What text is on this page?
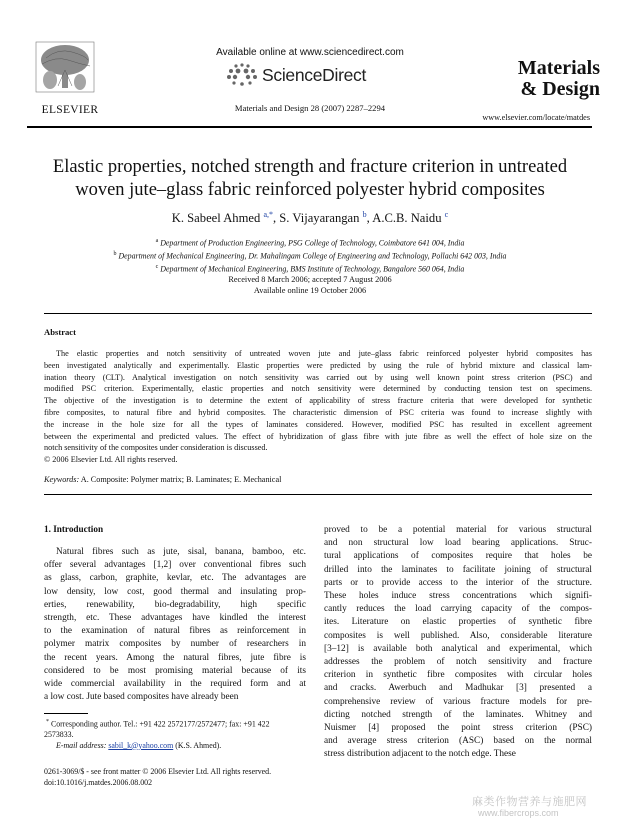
ELSEVIER
Available online at www.sciencedirect.com
ScienceDirect
Materials and Design 28 (2007) 2287–2294
Materials
& Design
www.elsevier.com/locate/matdes
Elastic properties, notched strength and fracture criterion in untreated
woven jute–glass fabric reinforced polyester hybrid composites
K. Sabeel Ahmed $^{a,*}$, S. Vijayarangan $^b$, A.C.B. Naidu $^c$
$^a$ Department of Production Engineering, PSG College of Technology, Coimbatore 641 004, India
$^b$ Department of Mechanical Engineering, Dr. Mahalingam College of Engineering and Technology, Pollachi 642 003, India
$^c$ Department of Mechanical Engineering, BMS Institute of Technology, Bangalore 560 064, India
Received 8 March 2006; accepted 7 August 2006
Available online 19 October 2006
Abstract
The elastic properties and notch sensitivity of untreated woven jute and jute–glass fabric reinforced polyester hybrid composites has
been investigated analytically and experimentally. Elastic properties were predicted by using the rule of hybrid mixture and classical lam-
ination theory (CLT). Analytical investigation on notch sensitivity was carried out by using well known point stress criterion (PSC) and
modified PSC criterion. Experimentally, elastic properties and notch sensitivity were determined by conducting tension test on specimens.
The objective of the investigation is to determine the extent of applicability of stress fracture criteria that were developed for synthetic
fibre composites, to natural fibre and hybrid composites. The characteristic dimension of PSC criteria was found to increase slightly with
the increase in the hole size for all the types of laminates considered. However, modified PSC has resulted in excellent agreement
between the experimental and predicted values. The effect of hybridization of glass fibre with jute fibre as well the effect of hole size on the
notch sensitivity of the composites under consideration is discussed.
© 2006 Elsevier Ltd. All rights reserved.
Keywords: A. Composite: Polymer matrix; B. Laminates; E. Mechanical
1. Introduction
Natural fibres such as jute, sisal, banana, bamboo, etc.
offer several advantages [1,2] over conventional fibres such
as glass, carbon, graphite, kevlar, etc. The advantages are
low density, low cost, good thermal and insulating prop-
erties, renewability, bio-degradability, high specific
strength, etc. These advantages have kindled the interest
to the examination of natural fibres as reinforcement in
polymer matrix composites by number of researchers in
the recent years. Among the natural fibres, jute fibre is
considered to be most promising material because of its
wide commercial availability in the required form and at
a low cost. Jute based composites have already been
proved to be a potential material for various structural
and non structural low load bearing applications. Struc-
tural applications of composites require that holes be
drilled into the laminates to facilitate joining of structural
parts or to provide access to the interior of the structure.
These holes induce stress concentrations which signifi-
cantly reduces the load carrying capacity of the compos-
ites. Literature on elastic properties of synthetic fibre
composites is well published. Also, considerable literature
[3–12] is available both analytical and experimental, which
addresses the problem of notch sensitivity and fracture
criterion in synthetic fibre composites with circular holes
and cracks. Awerbuch and Madhukar [3] presented a
comprehensive review of various fracture models for pre-
dicting notched strength of the laminates. Whitney and
Nuismer [4] proposed the point stress criterion (PSC)
and average stress criterion (ASC) based on the normal
stress distribution adjacent to the notch edge. These
* Corresponding author. Tel.: +91 422 2572177/2572477; fax: +91 422
2573833.
E-mail address: sabil_k@yahoo.com (K.S. Ahmed).
0261-3069/$ - see front matter © 2006 Elsevier Ltd. All rights reserved.
doi:10.1016/j.matdes.2006.08.002
麻类作物营养与施肥网
www.fibercrops.com
